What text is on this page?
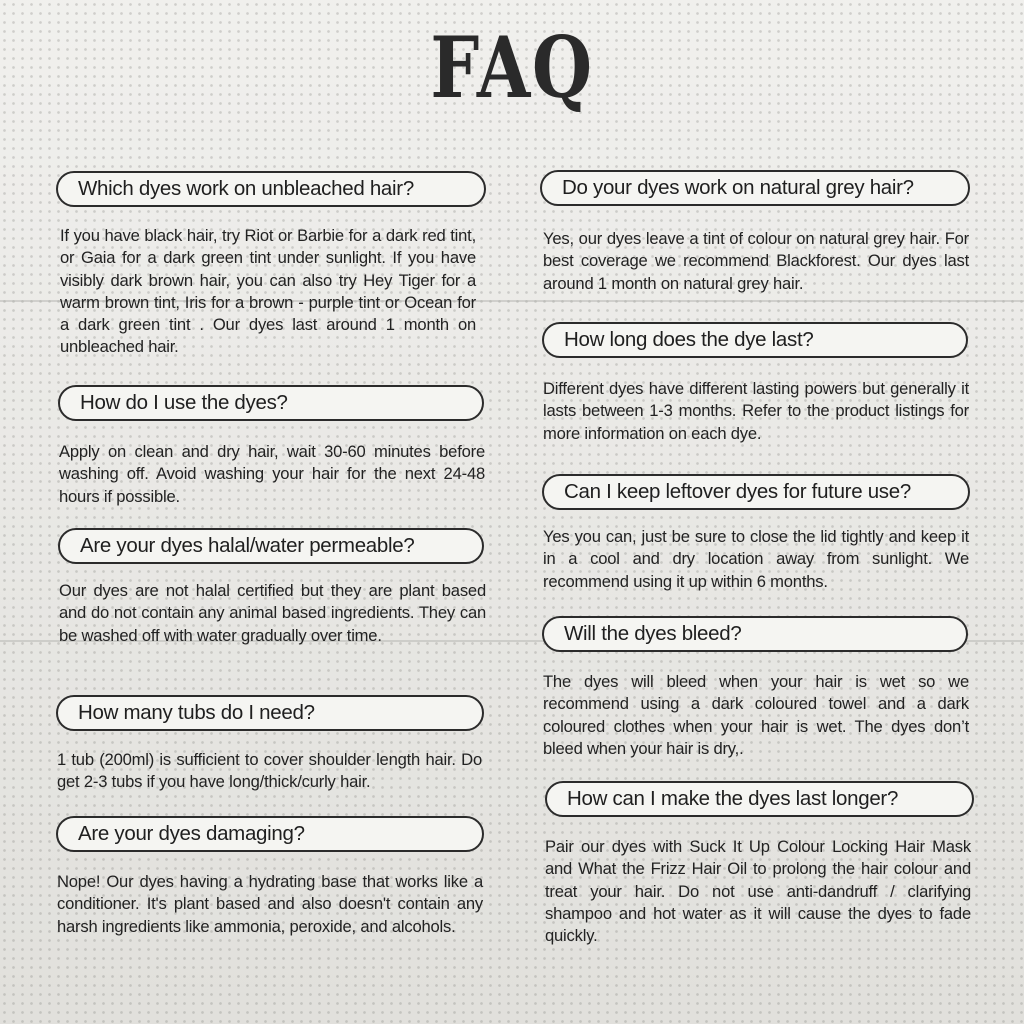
FAQ
Which dyes work on unbleached hair?
If you have black hair, try Riot or Barbie for a dark red tint, or Gaia for a dark green tint under sunlight. If you have visibly dark brown hair, you can also try Hey Tiger for a warm brown tint, Iris for a brown - purple tint or Ocean for a dark green tint . Our dyes last around 1 month on unbleached hair.
How do I use the dyes?
Apply on clean and dry hair, wait 30-60 minutes before washing off. Avoid washing your hair for the next 24-48 hours if possible.
Are your dyes halal/water permeable?
Our dyes are not halal certified but they are plant based and do not contain any animal based ingredients. They can be washed off with water gradually over time.
How many tubs do I need?
1 tub (200ml) is sufficient to cover shoulder length hair. Do get 2-3 tubs if you have long/thick/curly hair.
Are your dyes damaging?
Nope! Our dyes having a hydrating base that works like a conditioner. It's plant based and also doesn't contain any harsh ingredients like ammonia, peroxide, and alcohols.
Do your dyes work on natural grey hair?
Yes, our dyes leave a tint of colour on natural grey hair. For best coverage we recommend Blackforest. Our dyes last around 1 month on natural grey hair.
How long does the dye last?
Different dyes have different lasting powers but generally it lasts between 1-3 months. Refer to the product listings for more information on each dye.
Can I keep leftover dyes for future use?
Yes you can, just be sure to close the lid tightly and keep it in a cool and dry location away from sunlight. We recommend using it up within 6 months.
Will the dyes bleed?
The dyes will bleed when your hair is wet so we recommend using a dark coloured towel and a dark coloured clothes when your hair is wet. The dyes don’t bleed when your hair is dry,.
How can I make the dyes last longer?
Pair our dyes with Suck It Up Colour Locking Hair Mask and What the Frizz Hair Oil to prolong the hair colour and treat your hair. Do not use anti-dandruff / clarifying shampoo and hot water as it will cause the dyes to fade quickly.
